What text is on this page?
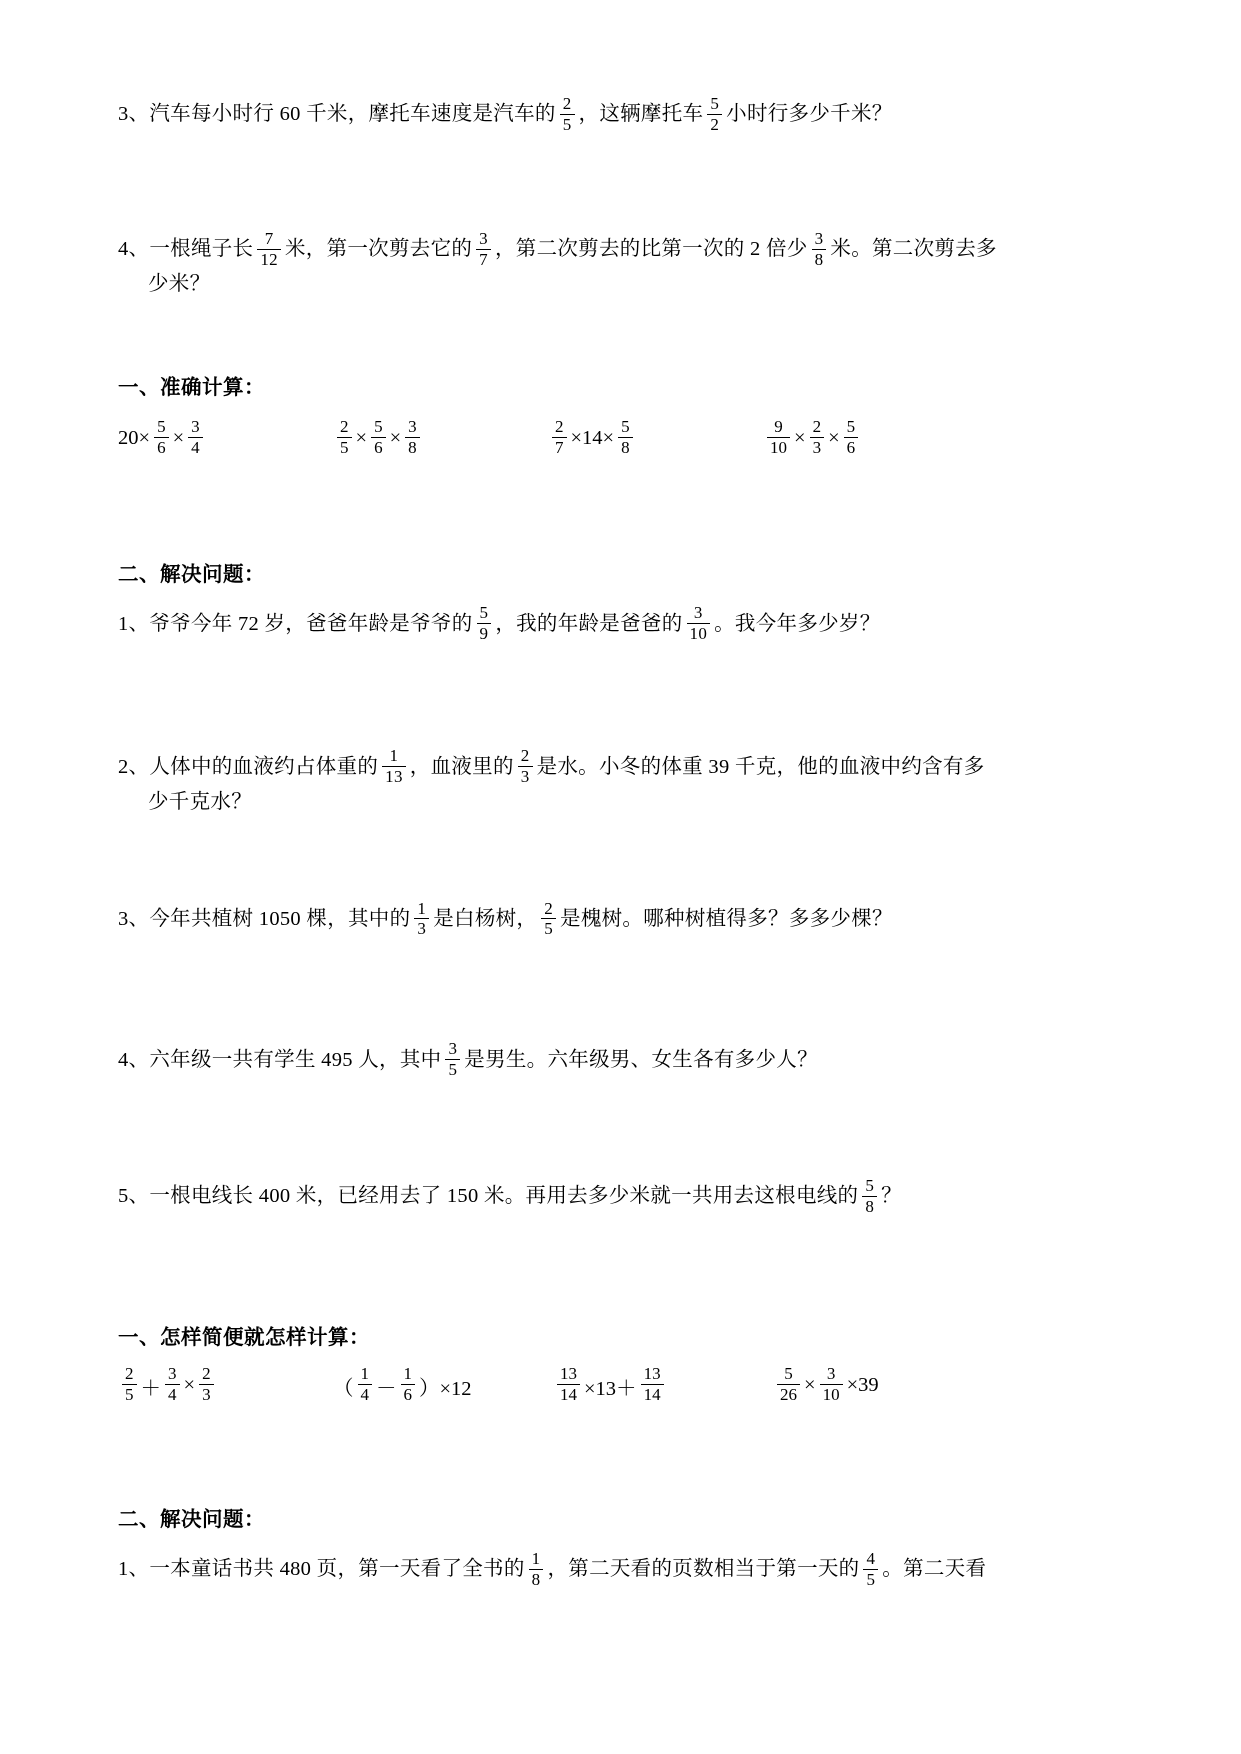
3、汽车每小时行 60 千米，摩托车速度是汽车的 $\frac{2}{5}$ ，这辆摩托车 $\frac{5}{2}$ 小时行多少千米？
4、一根绳子长 $\frac{7}{12}$ 米，第一次剪去它的 $\frac{3}{7}$ ，第二次剪去的比第一次的 2 倍少 $\frac{3}{8}$ 米。第二次剪去多
少米？
一、准确计算：
$20\times \frac{5}{6} \times \frac{3}{4}$	$\frac{2}{5} \times \frac{5}{6} \times \frac{3}{8}$	$\frac{2}{7} \times 14\times \frac{5}{8}$	$\frac{9}{10} \times \frac{2}{3} \times \frac{5}{6}$
二、解决问题：
1、爷爷今年 72 岁，爸爸年龄是爷爷的 $\frac{5}{9}$ ，我的年龄是爸爸的 $\frac{3}{10}$ 。我今年多少岁？
2、人体中的血液约占体重的 $\frac{1}{13}$ ，血液里的 $\frac{2}{3}$ 是水。小冬的体重 39 千克，他的血液中约含有多
少千克水？
3、今年共植树 1050 棵，其中的 $\frac{1}{3}$ 是白杨树， $\frac{2}{5}$ 是槐树。哪种树植得多？多多少棵？
4、六年级一共有学生 495 人，其中 $\frac{3}{5}$ 是男生。六年级男、女生各有多少人？
5、一根电线长 400 米，已经用去了 150 米。再用去多少米就一共用去这根电线的 $\frac{5}{8}$ ？
一、怎样简便就怎样计算：
$\frac{2}{5} + \frac{3}{4} \times \frac{2}{3}$	（ $\frac{1}{4} - \frac{1}{6} )\times 12$	$\frac{13}{14} \times 13+ \frac{13}{14}$	$\frac{5}{26} \times \frac{3}{10} \times 39$
二、解决问题：
1、一本童话书共 480 页，第一天看了全书的 $\frac{1}{8}$ ，第二天看的页数相当于第一天的 $\frac{4}{5}$ 。第二天看
